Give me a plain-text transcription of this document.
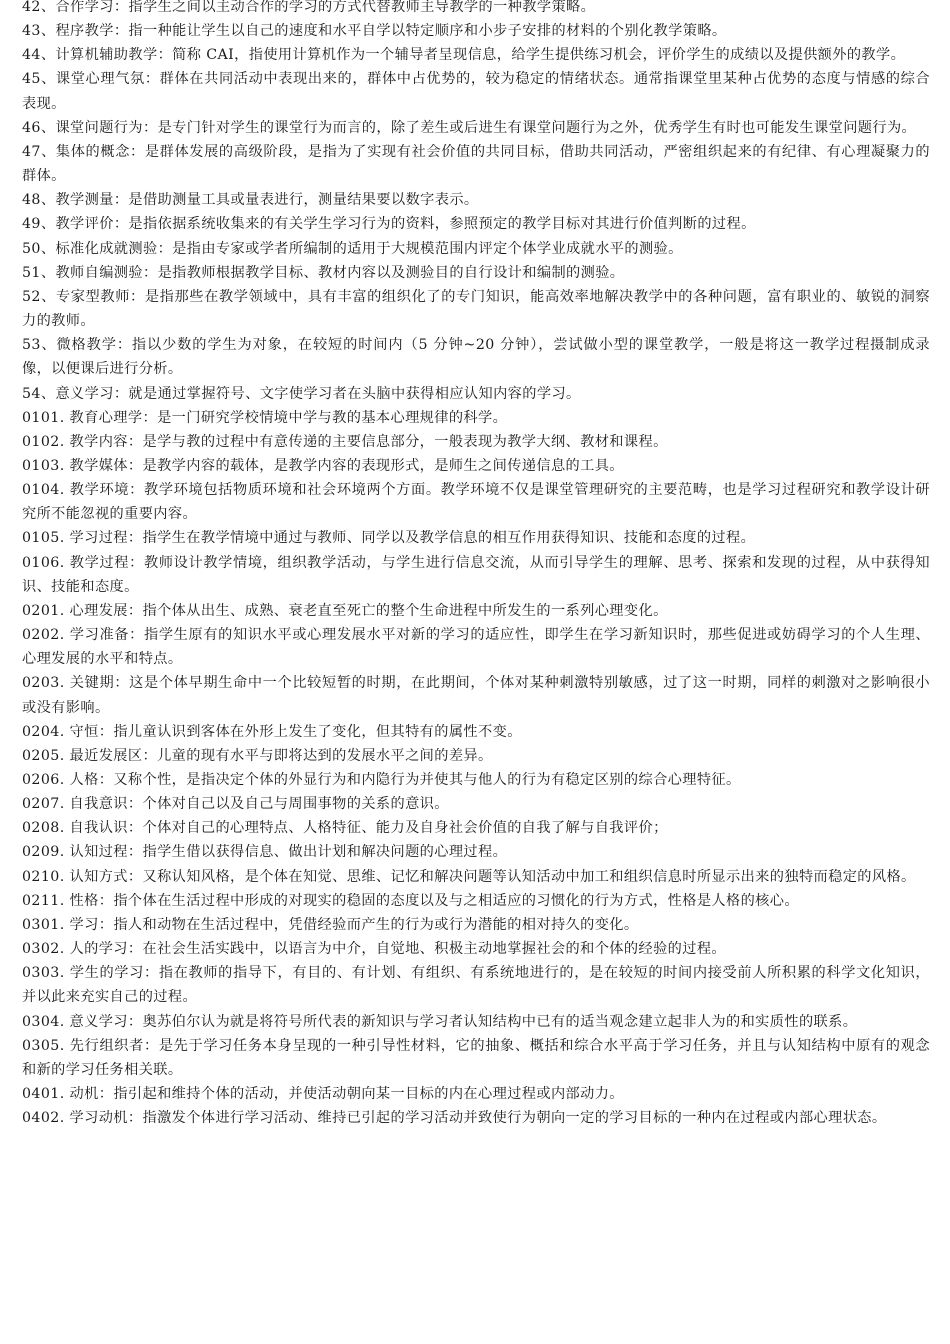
42、合作学习：指学生之间以主动合作的学习的方式代替教师主导教学的一种教学策略。
43、程序教学：指一种能让学生以自己的速度和水平自学以特定顺序和小步子安排的材料的个别化教学策略。
44、计算机辅助教学：简称 CAI，指使用计算机作为一个辅导者呈现信息，给学生提供练习机会，评价学生的成绩以及提供额外的教学。
45、课堂心理气氛：群体在共同活动中表现出来的，群体中占优势的，较为稳定的情绪状态。通常指课堂里某种占优势的态度与情感的综合表现。
46、课堂问题行为：是专门针对学生的课堂行为而言的，除了差生或后进生有课堂问题行为之外，优秀学生有时也可能发生课堂问题行为。
47、集体的概念：是群体发展的高级阶段，是指为了实现有社会价值的共同目标，借助共同活动，严密组织起来的有纪律、有心理凝聚力的群体。
48、教学测量：是借助测量工具或量表进行，测量结果要以数字表示。
49、教学评价：是指依据系统收集来的有关学生学习行为的资料，参照预定的教学目标对其进行价值判断的过程。
50、标准化成就测验：是指由专家或学者所编制的适用于大规模范围内评定个体学业成就水平的测验。
51、教师自编测验：是指教师根据教学目标、教材内容以及测验目的自行设计和编制的测验。
52、专家型教师：是指那些在教学领域中，具有丰富的组织化了的专门知识，能高效率地解决教学中的各种问题，富有职业的、敏锐的洞察力的教师。
53、微格教学：指以少数的学生为对象，在较短的时间内（5 分钟~20 分钟），尝试做小型的课堂教学，一般是将这一教学过程摄制成录像，以便课后进行分析。
54、意义学习：就是通过掌握符号、文字使学习者在头脑中获得相应认知内容的学习。
0101. 教育心理学：是一门研究学校情境中学与教的基本心理规律的科学。
0102. 教学内容：是学与教的过程中有意传递的主要信息部分，一般表现为教学大纲、教材和课程。
0103. 教学媒体：是教学内容的载体，是教学内容的表现形式，是师生之间传递信息的工具。
0104. 教学环境：教学环境包括物质环境和社会环境两个方面。教学环境不仅是课堂管理研究的主要范畴，也是学习过程研究和教学设计研究所不能忽视的重要内容。
0105. 学习过程：指学生在教学情境中通过与教师、同学以及教学信息的相互作用获得知识、技能和态度的过程。
0106. 教学过程：教师设计教学情境，组织教学活动，与学生进行信息交流，从而引导学生的理解、思考、探索和发现的过程，从中获得知识、技能和态度。
0201. 心理发展：指个体从出生、成熟、衰老直至死亡的整个生命进程中所发生的一系列心理变化。
0202. 学习准备：指学生原有的知识水平或心理发展水平对新的学习的适应性，即学生在学习新知识时，那些促进或妨碍学习的个人生理、心理发展的水平和特点。
0203. 关键期：这是个体早期生命中一个比较短暂的时期，在此期间，个体对某种刺激特别敏感，过了这一时期，同样的刺激对之影响很小或没有影响。
0204. 守恒：指儿童认识到客体在外形上发生了变化，但其特有的属性不变。
0205. 最近发展区：儿童的现有水平与即将达到的发展水平之间的差异。
0206. 人格：又称个性，是指决定个体的外显行为和内隐行为并使其与他人的行为有稳定区别的综合心理特征。
0207. 自我意识：个体对自己以及自己与周围事物的关系的意识。
0208. 自我认识：个体对自己的心理特点、人格特征、能力及自身社会价值的自我了解与自我评价；
0209. 认知过程：指学生借以获得信息、做出计划和解决问题的心理过程。
0210. 认知方式：又称认知风格，是个体在知觉、思维、记忆和解决问题等认知活动中加工和组织信息时所显示出来的独特而稳定的风格。
0211. 性格：指个体在生活过程中形成的对现实的稳固的态度以及与之相适应的习惯化的行为方式，性格是人格的核心。
0301. 学习：指人和动物在生活过程中，凭借经验而产生的行为或行为潜能的相对持久的变化。
0302. 人的学习：在社会生活实践中，以语言为中介，自觉地、积极主动地掌握社会的和个体的经验的过程。
0303. 学生的学习：指在教师的指导下，有目的、有计划、有组织、有系统地进行的，是在较短的时间内接受前人所积累的科学文化知识，并以此来充实自己的过程。
0304. 意义学习：奥苏伯尔认为就是将符号所代表的新知识与学习者认知结构中已有的适当观念建立起非人为的和实质性的联系。
0305. 先行组织者：是先于学习任务本身呈现的一种引导性材料，它的抽象、概括和综合水平高于学习任务，并且与认知结构中原有的观念和新的学习任务相关联。
0401. 动机：指引起和维持个体的活动，并使活动朝向某一目标的内在心理过程或内部动力。
0402. 学习动机：指激发个体进行学习活动、维持已引起的学习活动并致使行为朝向一定的学习目标的一种内在过程或内部心理状态。
